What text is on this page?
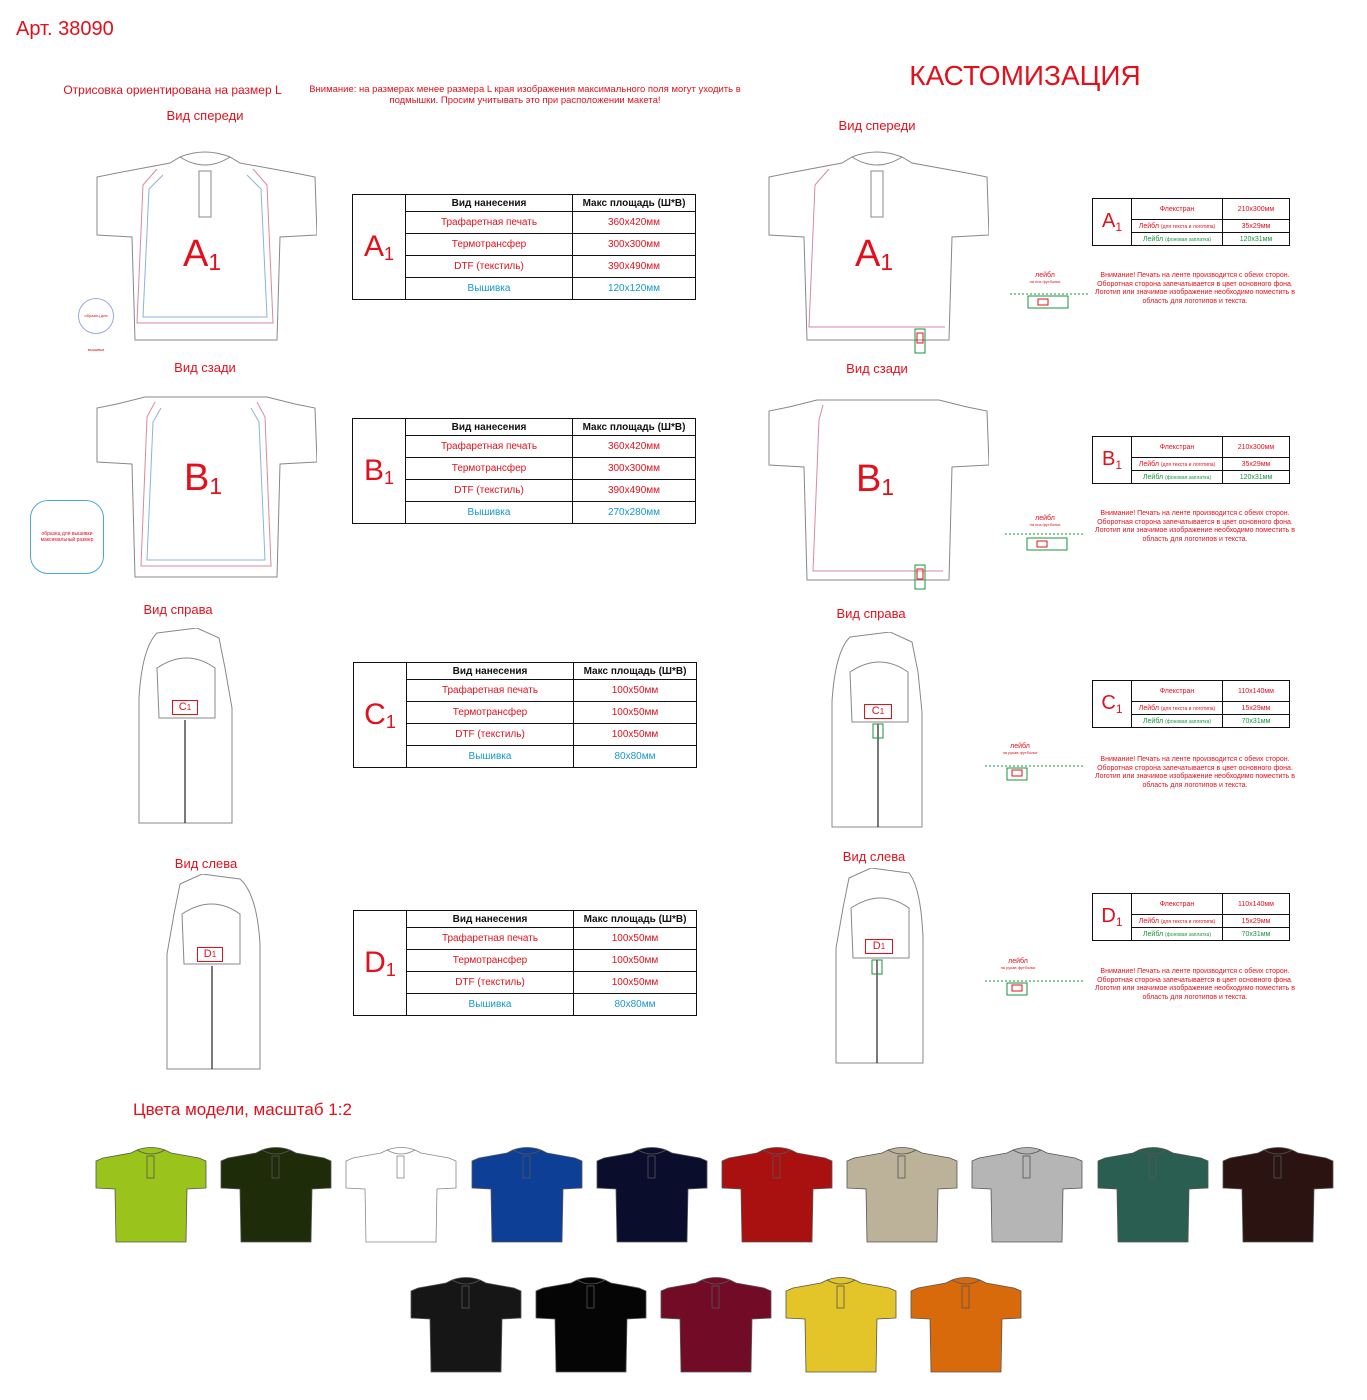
Арт. 38090
Отрисовка ориентирована на размер L	Внимание: на размерах менее размера L края изображения максимального поля могут уходить в подмышки. Просим учитывать это при расположении макета!
КАСТОМИЗАЦИЯ
Вид спереди
Вид сзади
Вид справа
Вид слева
Вид спереди
Вид сзади
Вид справа
Вид слева
$A_1$
образец для вышивки
$B_1$
образец для вышивки максимальный размер
C1
D1
$A_1$	Вид нанесения	Макс площадь (Ш*В)
	Трафаретная печать	360x420мм
	Термотрансфер	300x300мм
	DTF (текстиль)	390x490мм
	Вышивка	120x120мм
$B_1$	Вид нанесения	Макс площадь (Ш*В)
	Трафаретная печать	360x420мм
	Термотрансфер	300x300мм
	DTF (текстиль)	390x490мм
	Вышивка	270x280мм
$C_1$	Вид нанесения	Макс площадь (Ш*В)
	Трафаретная печать	100x50мм
	Термотрансфер	100x50мм
	DTF (текстиль)	100x50мм
	Вышивка	80x80мм
$D_1$	Вид нанесения	Макс площадь (Ш*В)
	Трафаретная печать	100x50мм
	Термотрансфер	100x50мм
	DTF (текстиль)	100x50мм
	Вышивка	80x80мм
$A_1$
$B_1$
C1
D1
лейбл
на низ футболки
лейбл
на низ футболки
лейбл
на рукав футболки
лейбл
на рукав футболки
$A_1$	Флекстран	210x300мм
	Лейбл (для текста и логотипа)	35x29мм
	Лейбл (фоновая заплатка)	120x31мм
$B_1$	Флекстран	210x300мм
	Лейбл (для текста и логотипа)	35x29мм
	Лейбл (фоновая заплатка)	120x31мм
$C_1$	Флекстран	110x140мм
	Лейбл (для текста и логотипа)	15x29мм
	Лейбл (фоновая заплатка)	70x31мм
$D_1$	Флекстран	110x140мм
	Лейбл (для текста и логотипа)	15x29мм
	Лейбл (фоновая заплатка)	70x31мм
Внимание! Печать на ленте производится с обеих сторон. Оборотная сторона запечатывается в цвет основного фона. Логотип или значимое изображение необходимо поместить в область для логотипов и текста.
Внимание! Печать на ленте производится с обеих сторон. Оборотная сторона запечатывается в цвет основного фона. Логотип или значимое изображение необходимо поместить в область для логотипов и текста.
Внимание! Печать на ленте производится с обеих сторон. Оборотная сторона запечатывается в цвет основного фона. Логотип или значимое изображение необходимо поместить в область для логотипов и текста.
Внимание! Печать на ленте производится с обеих сторон. Оборотная сторона запечатывается в цвет основного фона. Логотип или значимое изображение необходимо поместить в область для логотипов и текста.
Цвета модели, масштаб 1:2
